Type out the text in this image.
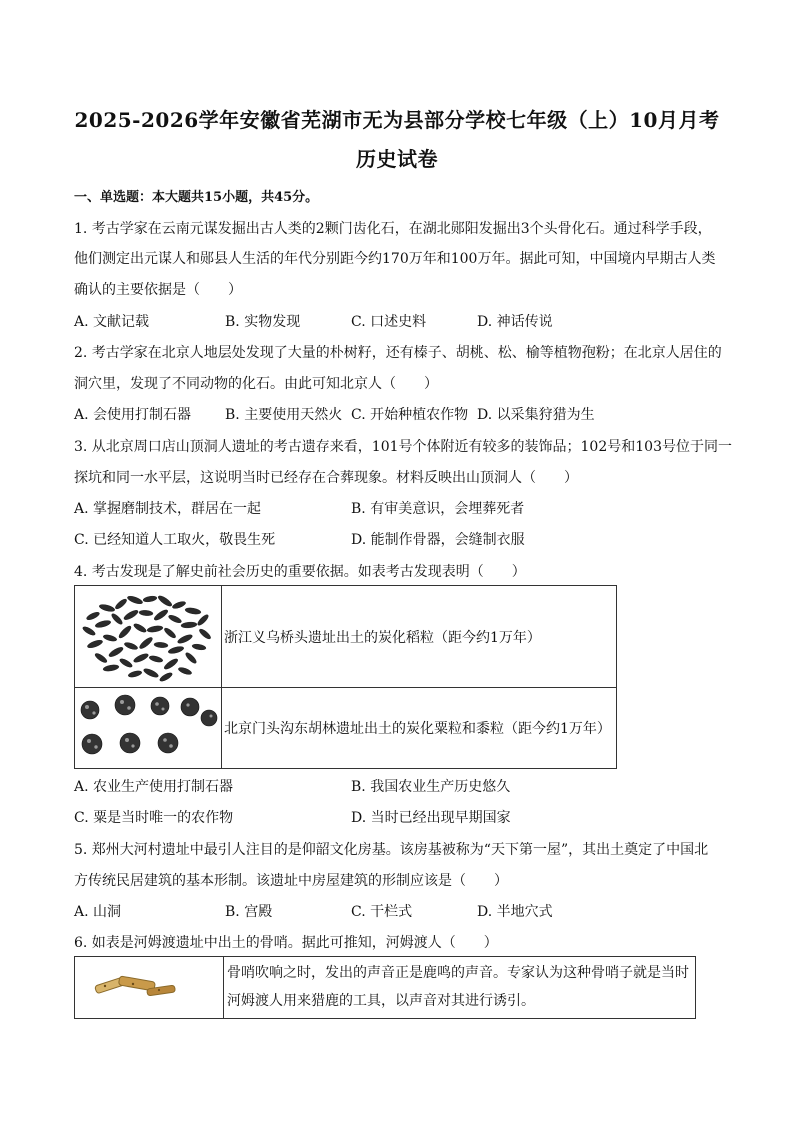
2025-2026学年安徽省芜湖市无为县部分学校七年级（上）10月月考
历史试卷
一、单选题：本大题共15小题，共45分。
1. 考古学家在云南元谋发掘出古人类的2颗门齿化石，在湖北郧阳发掘出3个头骨化石。通过科学手段，
他们测定出元谋人和郧县人生活的年代分别距今约170万年和100万年。据此可知，中国境内早期古人类
确认的主要依据是（　　）
A. 文献记载	B. 实物发现	C. 口述史料	D. 神话传说
2. 考古学家在北京人地层处发现了大量的朴树籽，还有榛子、胡桃、松、榆等植物孢粉；在北京人居住的
洞穴里，发现了不同动物的化石。由此可知北京人（　　）
A. 会使用打制石器 B. 主要使用天然火 C. 开始种植农作物 D. 以采集狩猎为生
3. 从北京周口店山顶洞人遗址的考古遗存来看，101号个体附近有较多的装饰品；102号和103号位于同一
探坑和同一水平层，这说明当时已经存在合葬现象。材料反映出山顶洞人（　　）
A. 掌握磨制技术，群居在一起	B. 有审美意识，会埋葬死者
C. 已经知道人工取火，敬畏生死	D. 能制作骨器，会缝制衣服
4. 考古发现是了解史前社会历史的重要依据。如表考古发现表明（　　）
	浙江义乌桥头遗址出土的炭化稻粒（距今约1万年）

	北京门头沟东胡林遗址出土的炭化粟粒和黍粒（距今约1万年）
A. 农业生产使用打制石器	B. 我国农业生产历史悠久
C. 粟是当时唯一的农作物	D. 当时已经出现早期国家
5. 郑州大河村遗址中最引人注目的是仰韶文化房基。该房基被称为“天下第一屋”，其出土奠定了中国北
方传统民居建筑的基本形制。该遗址中房屋建筑的形制应该是（　　）
A. 山洞	B. 宫殿	C. 干栏式	D. 半地穴式
6. 如表是河姆渡遗址中出土的骨哨。据此可推知，河姆渡人（　　）

骨哨吹响之时，发出的声音正是鹿鸣的声音。专家认为这种骨哨子就是当时
河姆渡人用来猎鹿的工具，以声音对其进行诱引。
